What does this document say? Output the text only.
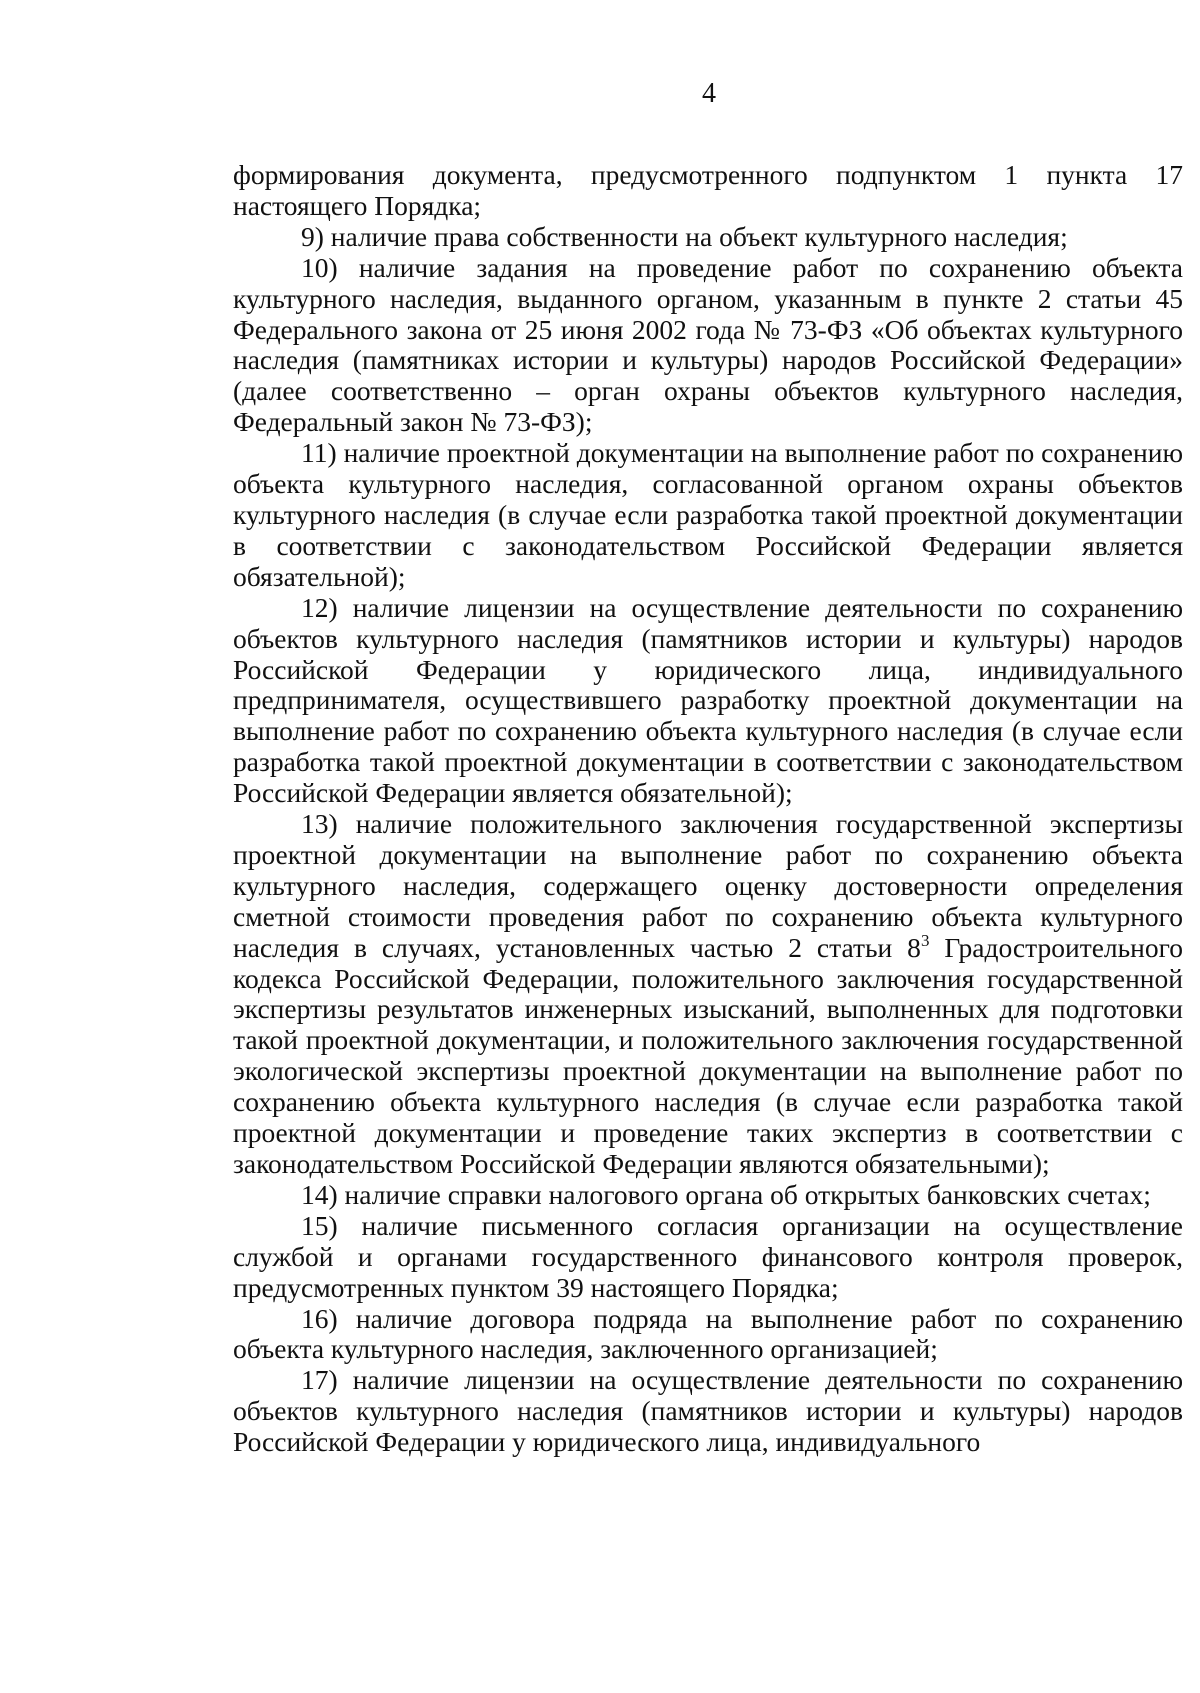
4

формирования документа, предусмотренного подпунктом 1 пункта 17 настоящего Порядка;

9) наличие права собственности на объект культурного наследия;

10) наличие задания на проведение работ по сохранению объекта культурного наследия, выданного органом, указанным в пункте 2 статьи 45 Федерального закона от 25 июня 2002 года № 73-ФЗ «Об объектах культурного наследия (памятниках истории и культуры) народов Российской Федерации» (далее соответственно – орган охраны объектов культурного наследия, Федеральный закон № 73-ФЗ);

11) наличие проектной документации на выполнение работ по сохранению объекта культурного наследия, согласованной органом охраны объектов культурного наследия (в случае если разработка такой проектной документации в соответствии с законодательством Российской Федерации является обязательной);

12) наличие лицензии на осуществление деятельности по сохранению объектов культурного наследия (памятников истории и культуры) народов Российской Федерации у юридического лица, индивидуального предпринимателя, осуществившего разработку проектной документации на выполнение работ по сохранению объекта культурного наследия (в случае если разработка такой проектной документации в соответствии с законодательством Российской Федерации является обязательной);

13) наличие положительного заключения государственной экспертизы проектной документации на выполнение работ по сохранению объекта культурного наследия, содержащего оценку достоверности определения сметной стоимости проведения работ по сохранению объекта культурного наследия в случаях, установленных частью 2 статьи $8^3$ Градостроительного кодекса Российской Федерации, положительного заключения государственной экспертизы результатов инженерных изысканий, выполненных для подготовки такой проектной документации, и положительного заключения государственной экологической экспертизы проектной документации на выполнение работ по сохранению объекта культурного наследия (в случае если разработка такой проектной документации и проведение таких экспертиз в соответствии с законодательством Российской Федерации являются обязательными);

14) наличие справки налогового органа об открытых банковских счетах;

15) наличие письменного согласия организации на осуществление службой и органами государственного финансового контроля проверок, предусмотренных пунктом 39 настоящего Порядка;

16) наличие договора подряда на выполнение работ по сохранению объекта культурного наследия, заключенного организацией;

17) наличие лицензии на осуществление деятельности по сохранению объектов культурного наследия (памятников истории и культуры) народов Российской Федерации у юридического лица, индивидуального
